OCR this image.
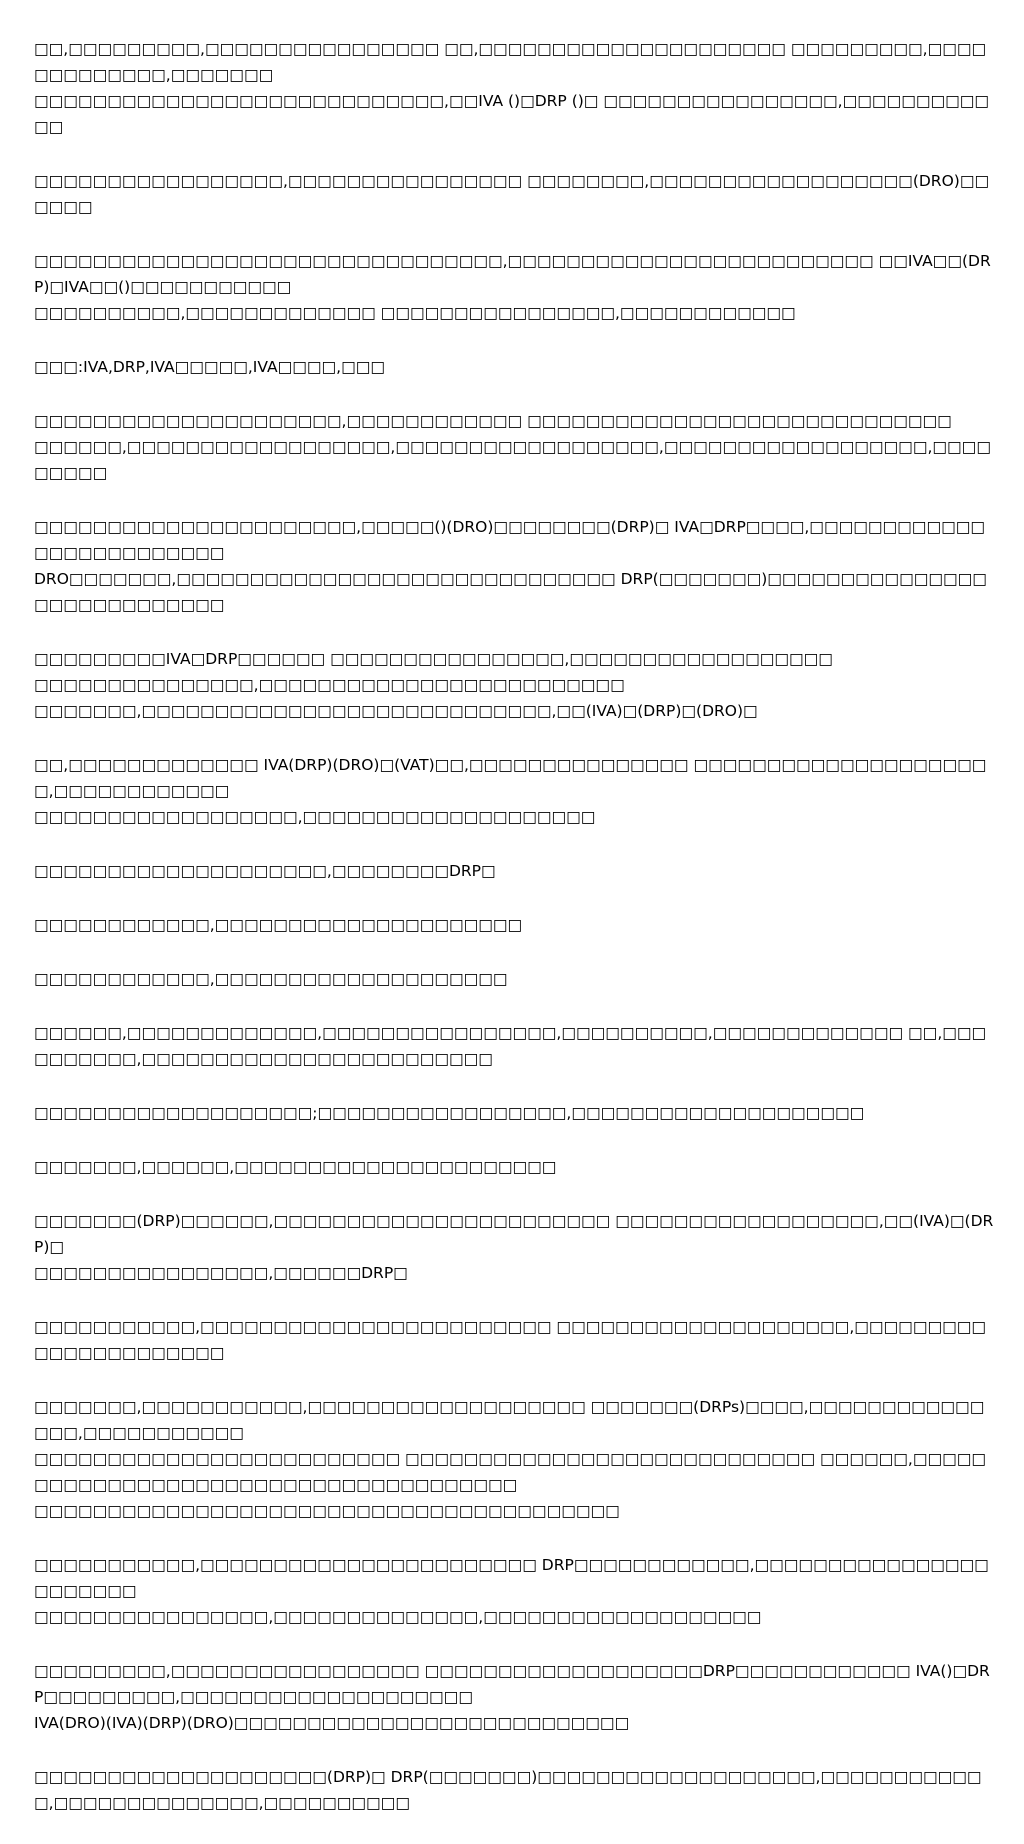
□□,□□□□□□□□□,□□□□□□□□□□□□□□□□ □□,□□□□□□□□□□□□□□□□□□□□□ □□□□□□□□□,□□□□□□□□□□□□□,□□□□□□□
□□□□□□□□□□□□□□□□□□□□□□□□□□□□,□□IVA ()□DRP ()□ □□□□□□□□□□□□□□□□,□□□□□□□□□□□□

□□□□□□□□□□□□□□□□□,□□□□□□□□□□□□□□□□ □□□□□□□□,□□□□□□□□□□□□□□□□□□(DRO)□□□□□□

□□□□□□□□□□□□□□□□□□□□□□□□□□□□□□□□,□□□□□□□□□□□□□□□□□□□□□□□□□ □□IVA□□(DRP)□IVA□□()□□□□□□□□□□□
□□□□□□□□□□,□□□□□□□□□□□□□ □□□□□□□□□□□□□□□□,□□□□□□□□□□□□

□□□:IVA,DRP,IVA□□□□□,IVA□□□□,□□□

□□□□□□□□□□□□□□□□□□□□□,□□□□□□□□□□□□ □□□□□□□□□□□□□□□□□□□□□□□□□□□□□
□□□□□□,□□□□□□□□□□□□□□□□□□,□□□□□□□□□□□□□□□□□□,□□□□□□□□□□□□□□□□□□,□□□□□□□□□

□□□□□□□□□□□□□□□□□□□□□□,□□□□□()(DRO)□□□□□□□□(DRP)□ IVA□DRP□□□□,□□□□□□□□□□□□□□□□□□□□□□□□□
DRO□□□□□□□,□□□□□□□□□□□□□□□□□□□□□□□□□□□□□□ DRP(□□□□□□□)□□□□□□□□□□□□□□□□□□□□□□□□□□□□

□□□□□□□□□IVA□DRP□□□□□□ □□□□□□□□□□□□□□□□,□□□□□□□□□□□□□□□□□□
□□□□□□□□□□□□□□□,□□□□□□□□□□□□□□□□□□□□□□□□□
□□□□□□□,□□□□□□□□□□□□□□□□□□□□□□□□□□□□,□□(IVA)□(DRP)□(DRO)□

□□,□□□□□□□□□□□□□ IVA(DRP)(DRO)□(VAT)□□,□□□□□□□□□□□□□□□ □□□□□□□□□□□□□□□□□□□□□,□□□□□□□□□□□□
□□□□□□□□□□□□□□□□□□,□□□□□□□□□□□□□□□□□□□□

□□□□□□□□□□□□□□□□□□□□,□□□□□□□□DRP□

□□□□□□□□□□□□,□□□□□□□□□□□□□□□□□□□□□

□□□□□□□□□□□□,□□□□□□□□□□□□□□□□□□□□

□□□□□□,□□□□□□□□□□□□□,□□□□□□□□□□□□□□□□,□□□□□□□□□□,□□□□□□□□□□□□□ □□,□□□□□□□□□□,□□□□□□□□□□□□□□□□□□□□□□□□

□□□□□□□□□□□□□□□□□□□;□□□□□□□□□□□□□□□□□,□□□□□□□□□□□□□□□□□□□□

□□□□□□□,□□□□□□,□□□□□□□□□□□□□□□□□□□□□□

□□□□□□□(DRP)□□□□□□,□□□□□□□□□□□□□□□□□□□□□□□ □□□□□□□□□□□□□□□□□□,□□(IVA)□(DRP)□
□□□□□□□□□□□□□□□□,□□□□□□DRP□

□□□□□□□□□□□,□□□□□□□□□□□□□□□□□□□□□□□□ □□□□□□□□□□□□□□□□□□□□,□□□□□□□□□□□□□□□□□□□□□□

□□□□□□□,□□□□□□□□□□□,□□□□□□□□□□□□□□□□□□□ □□□□□□□(DRPs)□□□□,□□□□□□□□□□□□□□□,□□□□□□□□□□□
□□□□□□□□□□□□□□□□□□□□□□□□□ □□□□□□□□□□□□□□□□□□□□□□□□□□□□ □□□□□□,□□□□□□□□□□□□□□□□□□□□□□□□□□□□□□□□□□□□□□
□□□□□□□□□□□□□□□□□□□□□□□□□□□□□□□□□□□□□□□□

□□□□□□□□□□□,□□□□□□□□□□□□□□□□□□□□□□□ DRP□□□□□□□□□□□□,□□□□□□□□□□□□□□□□□□□□□□□
□□□□□□□□□□□□□□□□,□□□□□□□□□□□□□□,□□□□□□□□□□□□□□□□□□□

□□□□□□□□□,□□□□□□□□□□□□□□□□□ □□□□□□□□□□□□□□□□□□□DRP□□□□□□□□□□□□ IVA()□DRP□□□□□□□□□,□□□□□□□□□□□□□□□□□□□□
IVA(DRO)(IVA)(DRP)(DRO)□□□□□□□□□□□□□□□□□□□□□□□□□□□

□□□□□□□□□□□□□□□□□□□□(DRP)□ DRP(□□□□□□□)□□□□□□□□□□□□□□□□□□□,□□□□□□□□□□□□,□□□□□□□□□□□□□□,□□□□□□□□□□
